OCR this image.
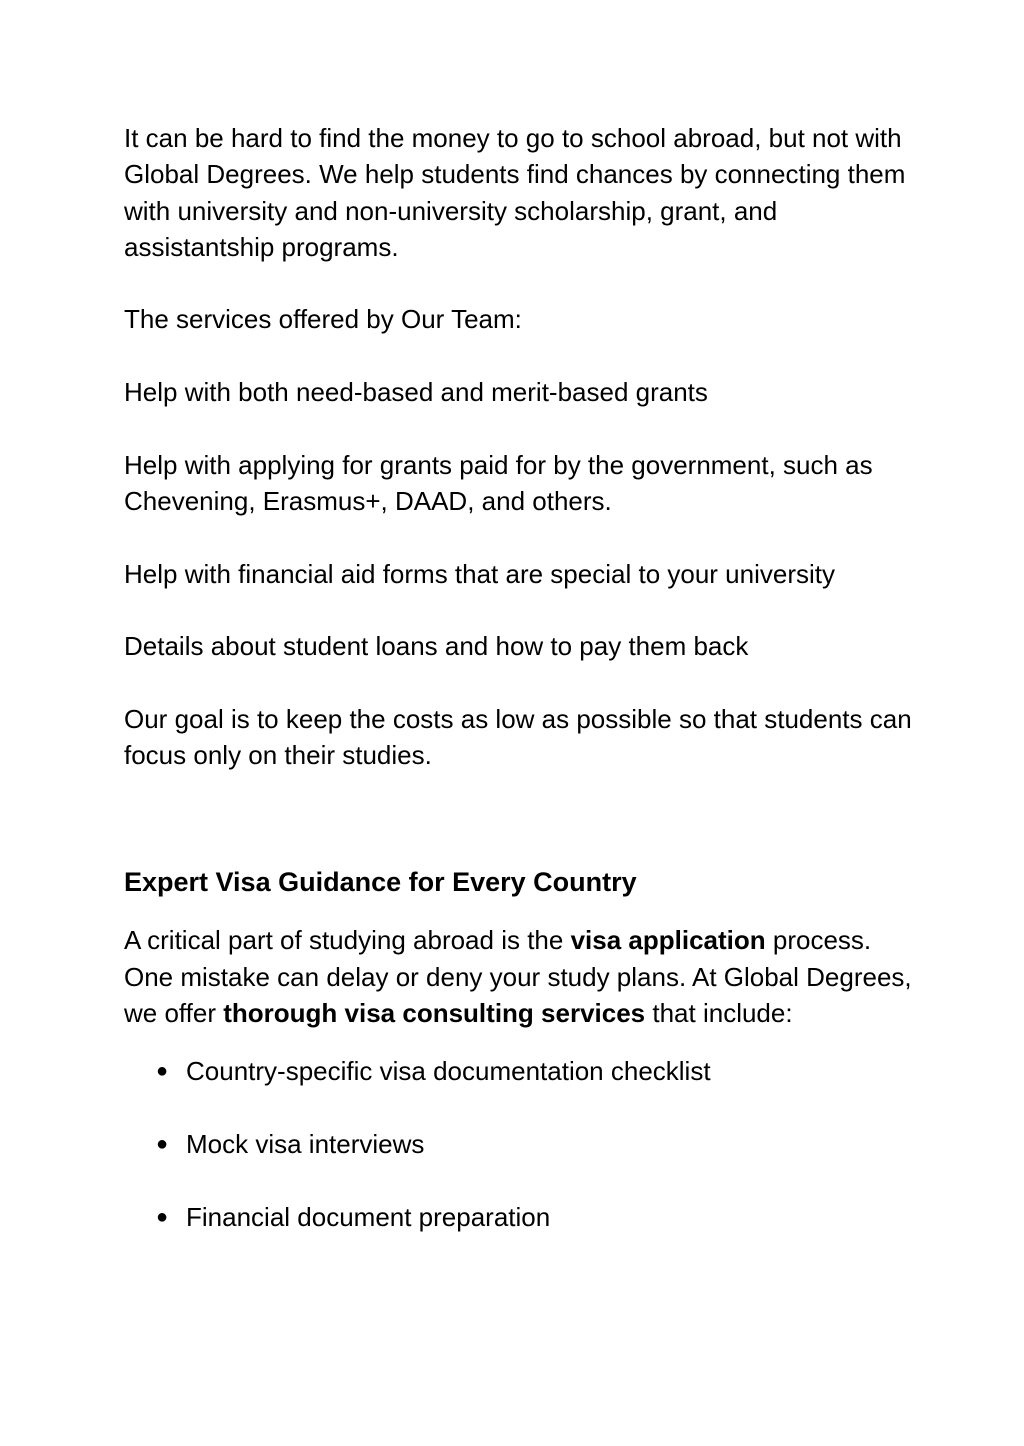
It can be hard to find the money to go to school abroad, but not with Global Degrees. We help students find chances by connecting them with university and non-university scholarship, grant, and assistantship programs.

The services offered by Our Team:

Help with both need-based and merit-based grants

Help with applying for grants paid for by the government, such as Chevening, Erasmus+, DAAD, and others.

Help with financial aid forms that are special to your university

Details about student loans and how to pay them back

Our goal is to keep the costs as low as possible so that students can focus only on their studies.

Expert Visa Guidance for Every Country

A critical part of studying abroad is the visa application process. One mistake can delay or deny your study plans. At Global Degrees, we offer thorough visa consulting services that include:

● Country-specific visa documentation checklist
● Mock visa interviews
● Financial document preparation
